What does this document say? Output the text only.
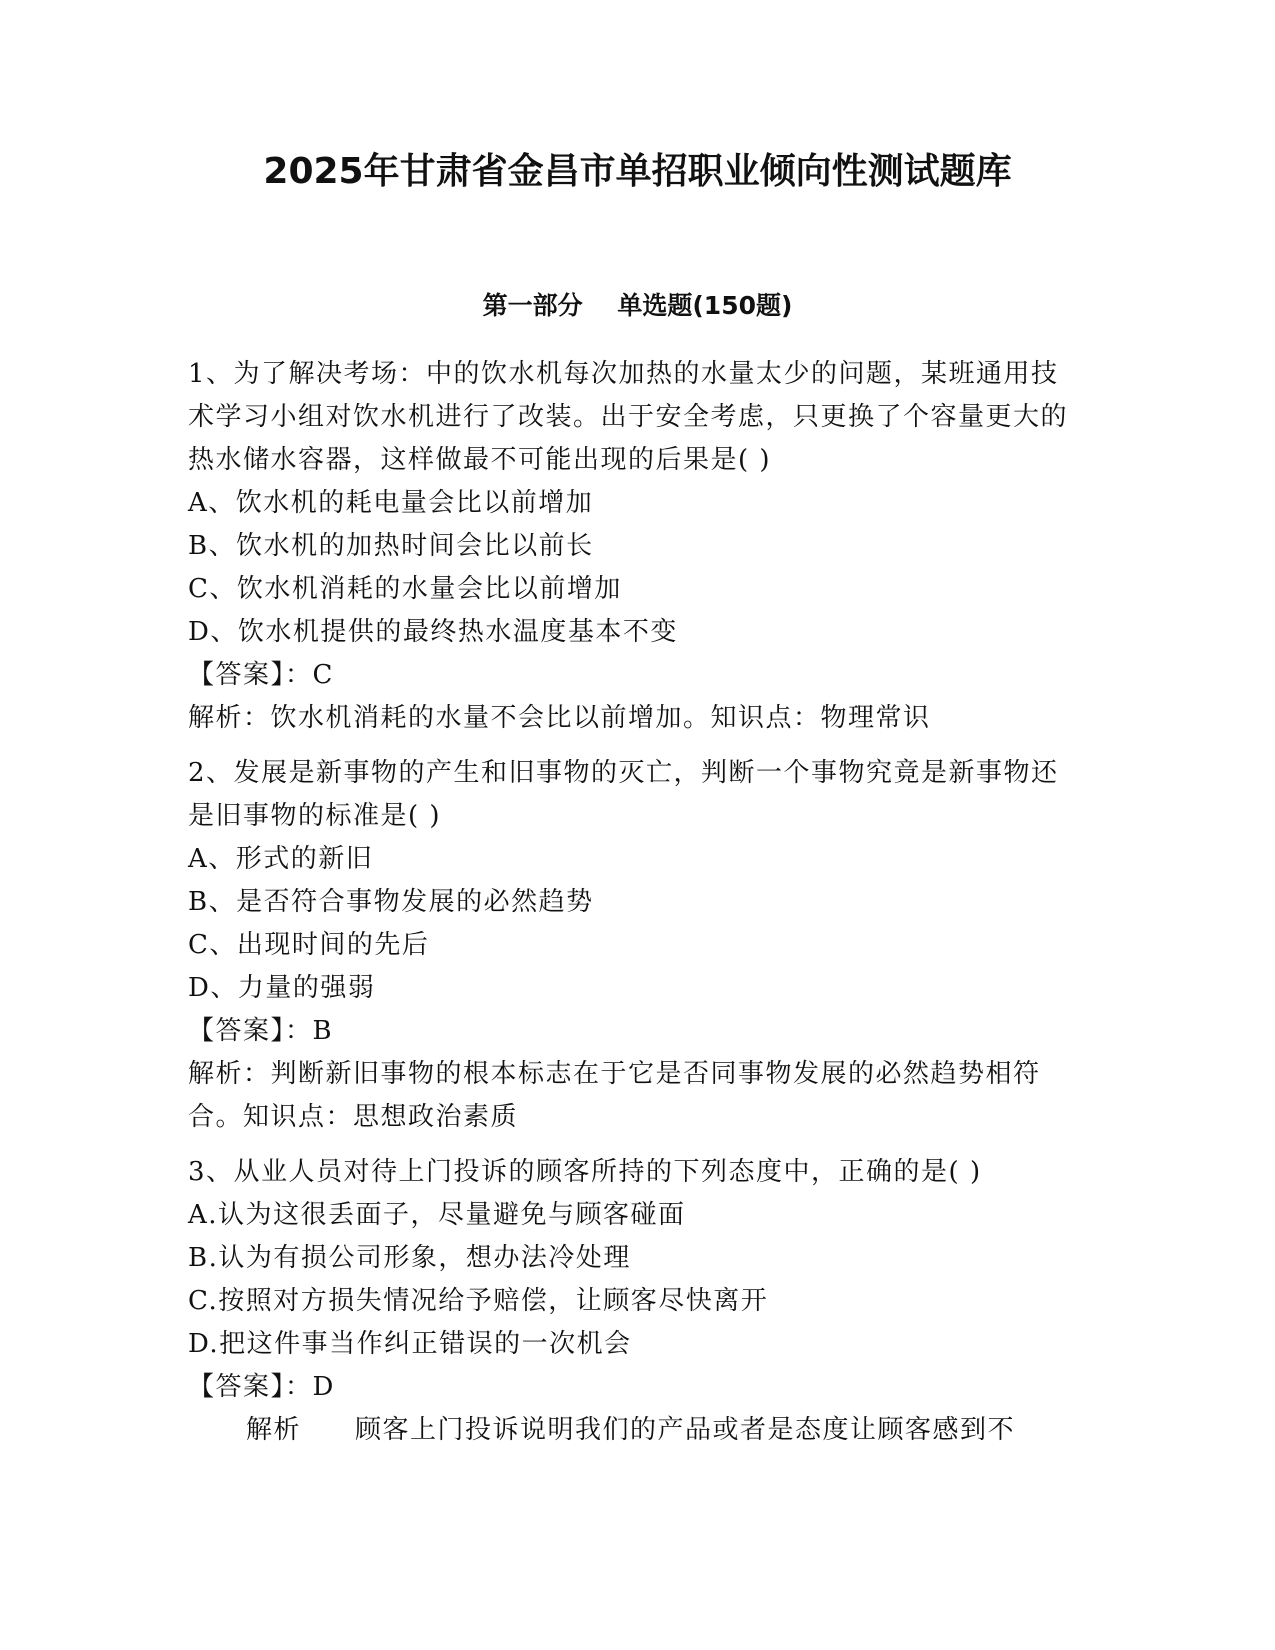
2025年甘肃省金昌市单招职业倾向性测试题库
第一部分    单选题(150题)

1、为了解决考场：中的饮水机每次加热的水量太少的问题，某班通用技术学习小组对饮水机进行了改装。出于安全考虑，只更换了个容量更大的热水储水容器，这样做最不可能出现的后果是( )

A、饮水机的耗电量会比以前增加

B、饮水机的加热时间会比以前长

C、饮水机消耗的水量会比以前增加

D、饮水机提供的最终热水温度基本不变

【答案】：C

解析：饮水机消耗的水量不会比以前增加。知识点：物理常识

2、发展是新事物的产生和旧事物的灭亡，判断一个事物究竟是新事物还是旧事物的标准是( )

A、形式的新旧

B、是否符合事物发展的必然趋势

C、出现时间的先后

D、力量的强弱

【答案】：B

解析：判断新旧事物的根本标志在于它是否同事物发展的必然趋势相符合。知识点：思想政治素质

3、从业人员对待上门投诉的顾客所持的下列态度中，正确的是( )

A.认为这很丢面子，尽量避免与顾客碰面

B.认为有损公司形象，想办法冷处理

C.按照对方损失情况给予赔偿，让顾客尽快离开

D.把这件事当作纠正错误的一次机会

【答案】：D

解析 顾客上门投诉说明我们的产品或者是态度让顾客感到不
